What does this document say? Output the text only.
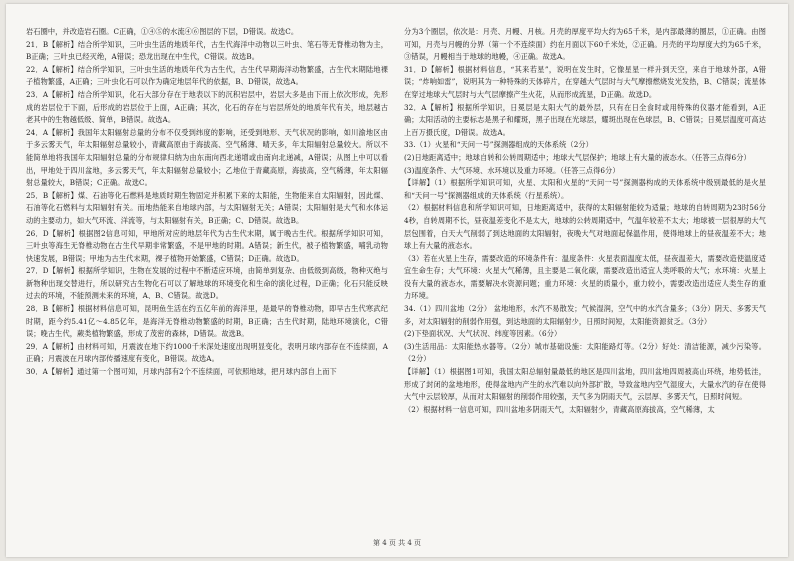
岩石圈中，并改造岩石圈。C正确，①④⑤的水流④⑥图层的下层，D错误。故选C。

21．B【解析】结合所学知识，三叶虫生活的地质年代，古生代海洋中动物以三叶虫、笔石等无脊椎动物为主，B正确；三叶虫已经灭绝，A错误；恐龙出现在中生代，C错误。故选B。

22．A【解析】结合所学知识，三叶虫生活的地质年代为古生代，古生代早期海洋动物繁盛，古生代末期陆地裸子植物繁盛，A正确；三叶虫化石可以作为确定地层年代的依据，B、D错误，故选A。

23．A【解析】结合所学知识，化石大部分存在于地表以下的沉积岩层中，岩层大多是由下而上依次形成，先形成的岩层位于下面，后形成的岩层位于上面，A正确；其次，化石的存在与岩层所处的地质年代有关，地层越古老其中的生物越低级、简单，B错误。故选A。

24．A【解析】我国年太阳辐射总量的分布不仅受到纬度的影响，还受到地形、天气状况的影响，如川渝地区由于多云雾天气，年太阳辐射总量较小，青藏高原由于海拔高、空气稀薄、晴天多，年太阳辐射总量较大。所以不能简单地将我国年太阳辐射总量的分布规律归纳为由东南向西北递增或由南向北递减，A错误；从图上中可以看出，甲地处于四川盆地，多云雾天气，年太阳辐射总量较小；乙地位于青藏高原，海拔高，空气稀薄，年太阳辐射总量较大，B错误；C正确。故选C。

25．B【解析】煤、石油等化石燃料是地质时期生物固定并积累下来的太阳能，生物能来自太阳辐射，因此煤、石油等化石燃料与太阳辐射有关。而地热能来自地球内部，与太阳辐射无关；A错误；太阳辐射是大气和水体运动的主要动力，如大气环流、洋流等，与太阳辐射有关，B正确；C、D错误。故选B。

26．D【解析】根据图2信息可知，甲地所对应的地层年代为古生代末期，属于晚古生代。根据所学知识可知，三叶虫等海生无脊椎动物在古生代早期非常繁盛，不是甲地的时期。A错误；新生代，被子植物繁盛，哺乳动物快速发展，B错误；甲地为古生代末期，裸子植物开始繁盛，C错误；D正确。故选D。

27．D【解析】根据所学知识，生物在发展的过程中不断适应环境，由简单到复杂、由低级到高级，物种灭绝与新物种出现交替进行，所以研究古生物化石可以了解地球的环境变化和生命的演化过程，D正确；化石只能反映过去的环境，不能预测未来的环境，A、B、C错误。故选D。

28．B【解析】根据材料信息可知，昆明鱼生活在约五亿年前的海洋里，是最早的脊椎动物，即早古生代寒武纪时期，距今约5.41亿～4.85亿年，是海洋无脊椎动物繁盛的时期，B正确；古生代时期，陆地环境演化，C错误；晚古生代，蕨类植物繁盛，形成了茂密的森林，D错误。故选B。

29．A【解析】由材料可知，月震波在地下约1000千米深处速度出现明显变化，表明月球内部存在不连续面，A正确；月震波在月球内部传播速度有变化，B错误。故选A。

30．A【解析】通过第一个图可知，月球内部有2个不连续面，可依照地球，把月球内部自上而下

分为3个圈层，依次是：月壳、月幔、月核。月壳的厚度平均大约为65千米，是内部最薄的圈层，①正确。由图可知，月壳与月幔的分界（第一个不连续面）约在月面以下60千米处，②正确。月壳的平均厚度大约为65千米，③错误，月幔相当于地球的地幔，④正确。故选A。

31．D【解析】根据材料信息，“其来若星”，说明在发生时，它像星星一样升到天空，来自于地球外部，A错误；“炸响如雷”，说明其为一种特殊的天体碎片，在穿越大气层时与大气摩擦燃烧发光发热，B、C错误；流星体在穿过地球大气层时与大气层摩擦产生火花，从而形成流星，D正确。故选D。

32．A【解析】根据所学知识，日冕层是太阳大气的最外层，只有在日全食时或用特殊的仪器才能看到，A正确；太阳活动的主要标志是黑子和耀斑，黑子出现在光球层，耀斑出现在色球层，B、C错误；日冕层温度可高达上百万摄氏度，D错误。故选A。

33.（1）火星和“天问一号”探测器组成的天体系统（2分）

(2)日地距离适中；地球自转和公转周期适中；地球大气层保护；地球上有大量的液态水。（任答三点得6分）

(3)温度条件、大气环境、水环境以及重力环境。（任答三点得6分）

【详解】（1）根据所学知识可知，火星、太阳和火星的“天问一号”探测器构成的天体系统中级别最低的是火星和“天问一号”探测器组成的天体系统（行星系统）。

（2）根据材料信息和所学知识可知，日地距离适中，获得的太阳辐射能较为适量；地球的自转周期为23时56分4秒，自转周期不长，昼夜温差变化不是太大，地球的公转周期适中，气温年较差不太大；地球被一层很厚的大气层包围着，白天大气削弱了到达地面的太阳辐射，夜晚大气对地面起保温作用，使得地球上的昼夜温差不大；地球上有大量的液态水。

（3）若在火星上生存，需要改造的环境条件有：温度条件：火星表面温度太低，昼夜温差大，需要改造使温度适宜生命生存；大气环境：火星大气稀薄，且主要是二氧化碳，需要改造出适宜人类呼吸的大气；水环境：火星上没有大量的液态水，需要解决水资源问题；重力环境：火星的质量小，重力较小，需要改造出适应人类生存的重力环境。

34.（1）四川盆地（2分） 盆地地形，水汽不易散发；气候湿润，空气中的水汽含量多；（3分）阴天、多雾天气多，对太阳辐射的削弱作用强，到达地面的太阳辐射少，日照时间短，太阳能资源贫乏。（3分）

(2)下垫面状况、大气状况、纬度等因素。（6分）

(3)生活用品：太阳能热水器等。（2分）城市基础设施：太阳能路灯等。（2分）好处：清洁能源，减少污染等。（2分）

【详解】（1）根据图1可知，我国太阳总辐射量最低的地区是四川盆地，四川盆地四周被高山环绕，地势低洼，形成了封闭的盆地地形，使得盆地内产生的水汽难以向外部扩散，导致盆地内空气湿度大，大量水汽的存在使得大气中云层较厚，从而对太阳辐射的削弱作用较强，天气多为阴雨天气，云层厚、多雾天气，日照时间短。

（2）根据材料一信息可知，四川盆地多阴雨天气，太阳辐射少，青藏高原海拔高，空气稀薄，太

第 4 页 共 4 页
